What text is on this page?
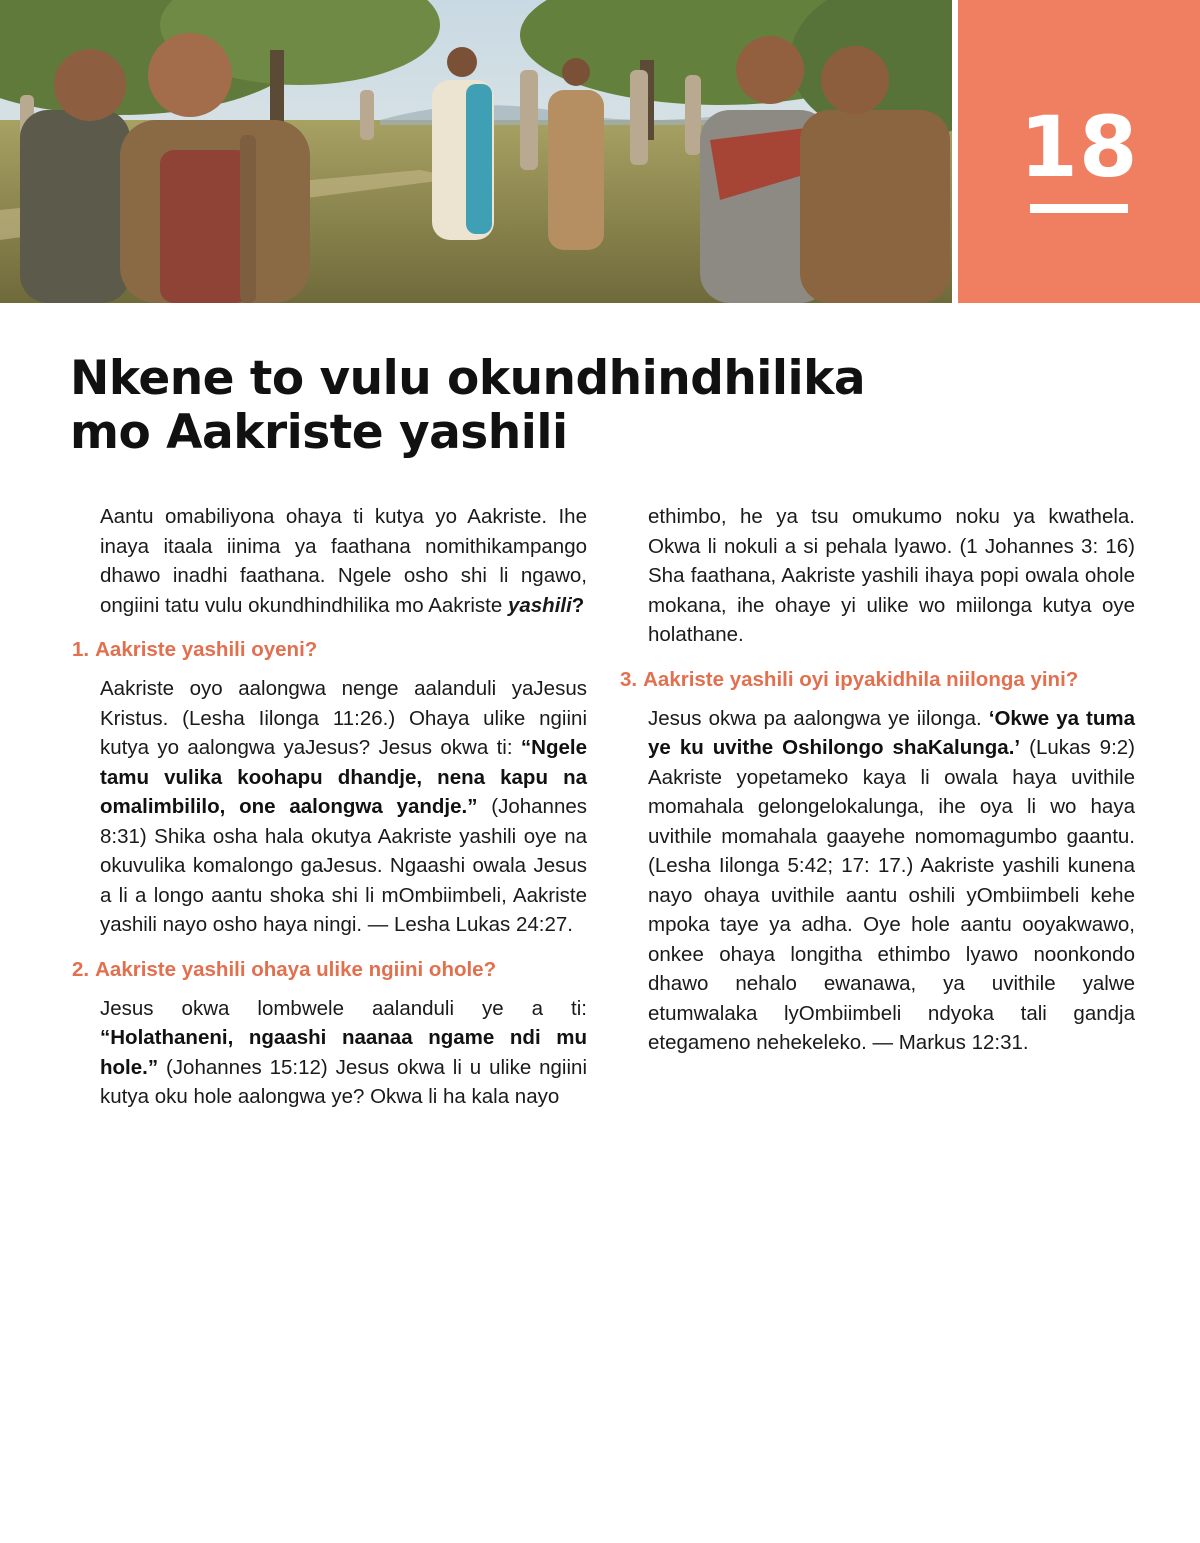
18
Nkene to vulu okundhindhilika
mo Aakriste yashili

Aantu omabiliyona ohaya ti kutya yo Aakriste. Ihe inaya itaala iinima ya faathana nomithikampango dhawo inadhi faathana. Ngele osho shi li ngawo, ongiini tatu vulu okundhindhilika mo Aakriste yashili?

1. Aakriste yashili oyeni?

Aakriste oyo aalongwa nenge aalanduli yaJesus Kristus. (Lesha Iilonga 11:26.) Ohaya ulike ngiini kutya yo aalongwa yaJesus? Jesus okwa ti: “Ngele tamu vulika koohapu dhandje, nena kapu na omalimbililo, one aalongwa yandje.” (Johannes 8:31) Shika osha hala okutya Aakriste yashili oye na okuvulika komalongo gaJesus. Ngaashi owala Jesus a li a longo aantu shoka shi li mOmbiimbeli, Aakriste yashili nayo osho haya ningi. — Lesha Lukas 24:27.

2. Aakriste yashili ohaya ulike ngiini ohole?

Jesus okwa lombwele aalanduli ye a ti: “Holathaneni, ngaashi naanaa ngame ndi mu hole.” (Johannes 15:12) Jesus okwa li u ulike ngiini kutya oku hole aalongwa ye? Okwa li ha kala nayo

ethimbo, he ya tsu omukumo noku ya kwathela. Okwa li nokuli a si pehala lyawo. (1 Johannes 3: 16) Sha faathana, Aakriste yashili ihaya popi owala ohole mokana, ihe ohaye yi ulike wo miilonga kutya oye holathane.

3. Aakriste yashili oyi ipyakidhila niilonga yini?

Jesus okwa pa aalongwa ye iilonga. ‘Okwe ya tuma ye ku uvithe Oshilongo shaKalunga.’ (Lukas 9:2) Aakriste yopetameko kaya li owala haya uvithile momahala gelongelokalunga, ihe oya li wo haya uvithile momahala gaayehe nomomagumbo gaantu. (Lesha Iilonga 5:42; 17: 17.) Aakriste yashili kunena nayo ohaya uvithile aantu oshili yOmbiimbeli kehe mpoka taye ya adha. Oye hole aantu ooyakwawo, onkee ohaya longitha ethimbo lyawo noonkondo dhawo nehalo ewanawa, ya uvithile yalwe etumwalaka lyOmbiimbeli ndyoka tali gandja etegameno nehekeleko. — Markus 12:31.
